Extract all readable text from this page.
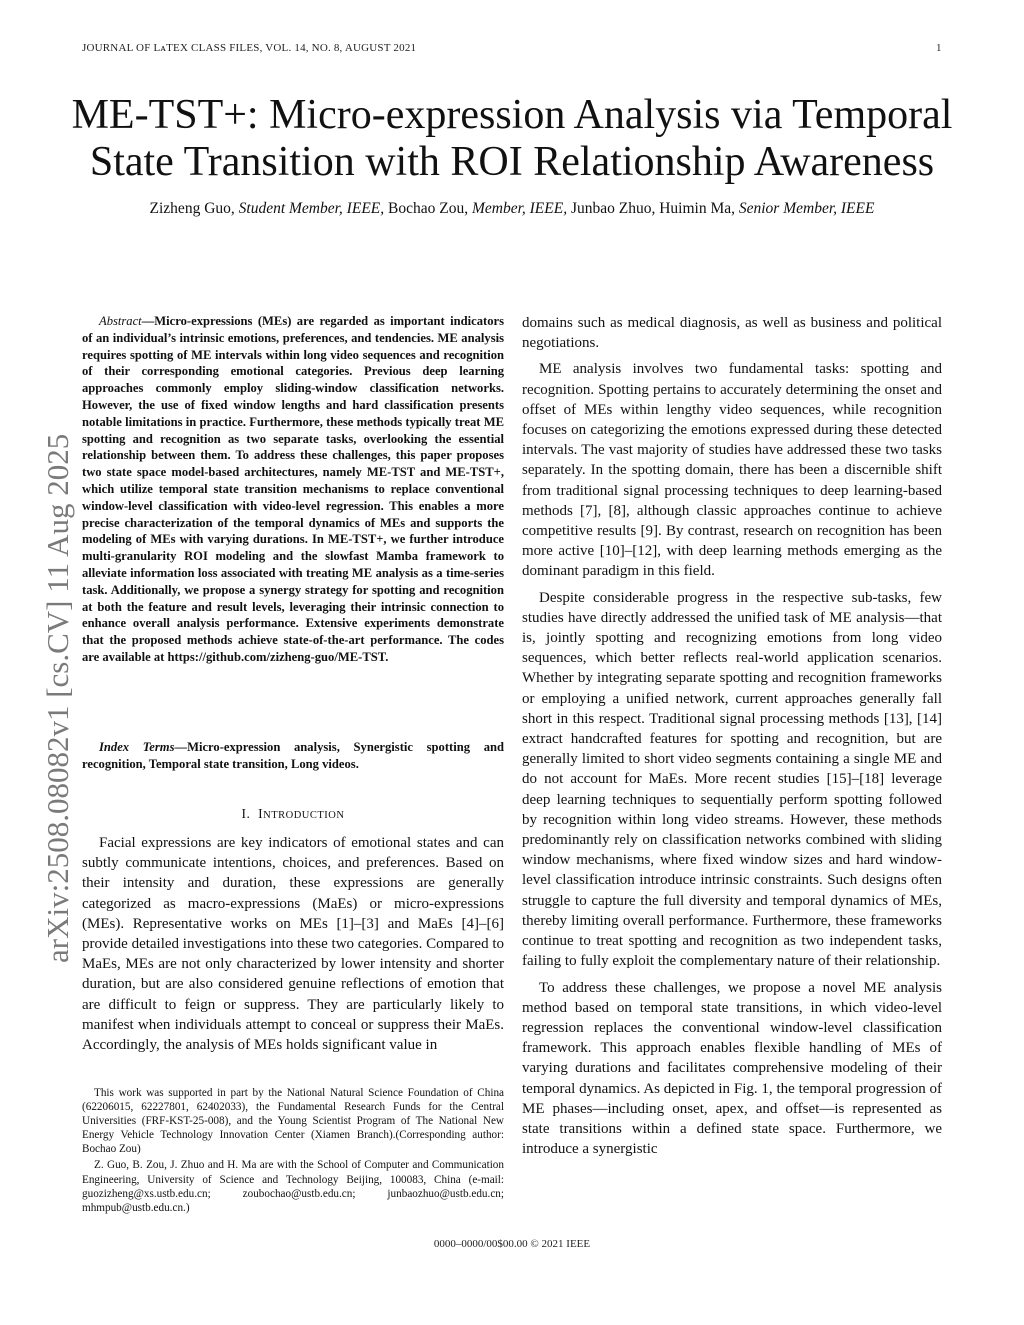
JOURNAL OF LᴀTEX CLASS FILES, VOL. 14, NO. 8, AUGUST 2021	1
arXiv:2508.08082v1 [cs.CV] 11 Aug 2025
ME-TST+: Micro-expression Analysis via Temporal State Transition with ROI Relationship Awareness
Zizheng Guo, Student Member, IEEE, Bochao Zou, Member, IEEE, Junbao Zhuo, Huimin Ma, Senior Member, IEEE
Abstract—Micro-expressions (MEs) are regarded as important indicators of an individual’s intrinsic emotions, preferences, and tendencies. ME analysis requires spotting of ME intervals within long video sequences and recognition of their corresponding emotional categories. Previous deep learning approaches commonly employ sliding-window classification networks. However, the use of fixed window lengths and hard classification presents notable limitations in practice. Furthermore, these methods typically treat ME spotting and recognition as two separate tasks, overlooking the essential relationship between them. To address these challenges, this paper proposes two state space model-based architectures, namely ME-TST and ME-TST+, which utilize temporal state transition mechanisms to replace conventional window-level classification with video-level regression. This enables a more precise characterization of the temporal dynamics of MEs and supports the modeling of MEs with varying durations. In ME-TST+, we further introduce multi-granularity ROI modeling and the slowfast Mamba framework to alleviate information loss associated with treating ME analysis as a time-series task. Additionally, we propose a synergy strategy for spotting and recognition at both the feature and result levels, leveraging their intrinsic connection to enhance overall analysis performance. Extensive experiments demonstrate that the proposed methods achieve state-of-the-art performance. The codes are available at https://github.com/zizheng-guo/ME-TST.
Index Terms—Micro-expression analysis, Synergistic spotting and recognition, Temporal state transition, Long videos.
I. INTRODUCTION

Facial expressions are key indicators of emotional states and can subtly communicate intentions, choices, and preferences. Based on their intensity and duration, these expressions are generally categorized as macro-expressions (MaEs) or micro-expressions (MEs). Representative works on MEs [1]–[3] and MaEs [4]–[6] provide detailed investigations into these two categories. Compared to MaEs, MEs are not only characterized by lower intensity and shorter duration, but are also considered genuine reflections of emotion that are difficult to feign or suppress. They are particularly likely to manifest when individuals attempt to conceal or suppress their MaEs. Accordingly, the analysis of MEs holds significant value in

This work was supported in part by the National Natural Science Foundation of China (62206015, 62227801, 62402033), the Fundamental Research Funds for the Central Universities (FRF-KST-25-008), and the Young Scientist Program of The National New Energy Vehicle Technology Innovation Center (Xiamen Branch).(Corresponding author: Bochao Zou)

Z. Guo, B. Zou, J. Zhuo and H. Ma are with the School of Computer and Communication Engineering, University of Science and Technology Beijing, 100083, China (e-mail: guozizheng@xs.ustb.edu.cn; zoubochao@ustb.edu.cn; junbaozhuo@ustb.edu.cn; mhmpub@ustb.edu.cn.)

domains such as medical diagnosis, as well as business and political negotiations.

ME analysis involves two fundamental tasks: spotting and recognition. Spotting pertains to accurately determining the onset and offset of MEs within lengthy video sequences, while recognition focuses on categorizing the emotions expressed during these detected intervals. The vast majority of studies have addressed these two tasks separately. In the spotting domain, there has been a discernible shift from traditional signal processing techniques to deep learning-based methods [7], [8], although classic approaches continue to achieve competitive results [9]. By contrast, research on recognition has been more active [10]–[12], with deep learning methods emerging as the dominant paradigm in this field.

Despite considerable progress in the respective sub-tasks, few studies have directly addressed the unified task of ME analysis—that is, jointly spotting and recognizing emotions from long video sequences, which better reflects real-world application scenarios. Whether by integrating separate spotting and recognition frameworks or employing a unified network, current approaches generally fall short in this respect. Traditional signal processing methods [13], [14] extract handcrafted features for spotting and recognition, but are generally limited to short video segments containing a single ME and do not account for MaEs. More recent studies [15]–[18] leverage deep learning techniques to sequentially perform spotting followed by recognition within long video streams. However, these methods predominantly rely on classification networks combined with sliding window mechanisms, where fixed window sizes and hard window-level classification introduce intrinsic constraints. Such designs often struggle to capture the full diversity and temporal dynamics of MEs, thereby limiting overall performance. Furthermore, these frameworks continue to treat spotting and recognition as two independent tasks, failing to fully exploit the complementary nature of their relationship.

To address these challenges, we propose a novel ME analysis method based on temporal state transitions, in which video-level regression replaces the conventional window-level classification framework. This approach enables flexible handling of MEs of varying durations and facilitates comprehensive modeling of their temporal dynamics. As depicted in Fig. 1, the temporal progression of ME phases—including onset, apex, and offset—is represented as state transitions within a defined state space. Furthermore, we introduce a synergistic

0000–0000/00$00.00 © 2021 IEEE
